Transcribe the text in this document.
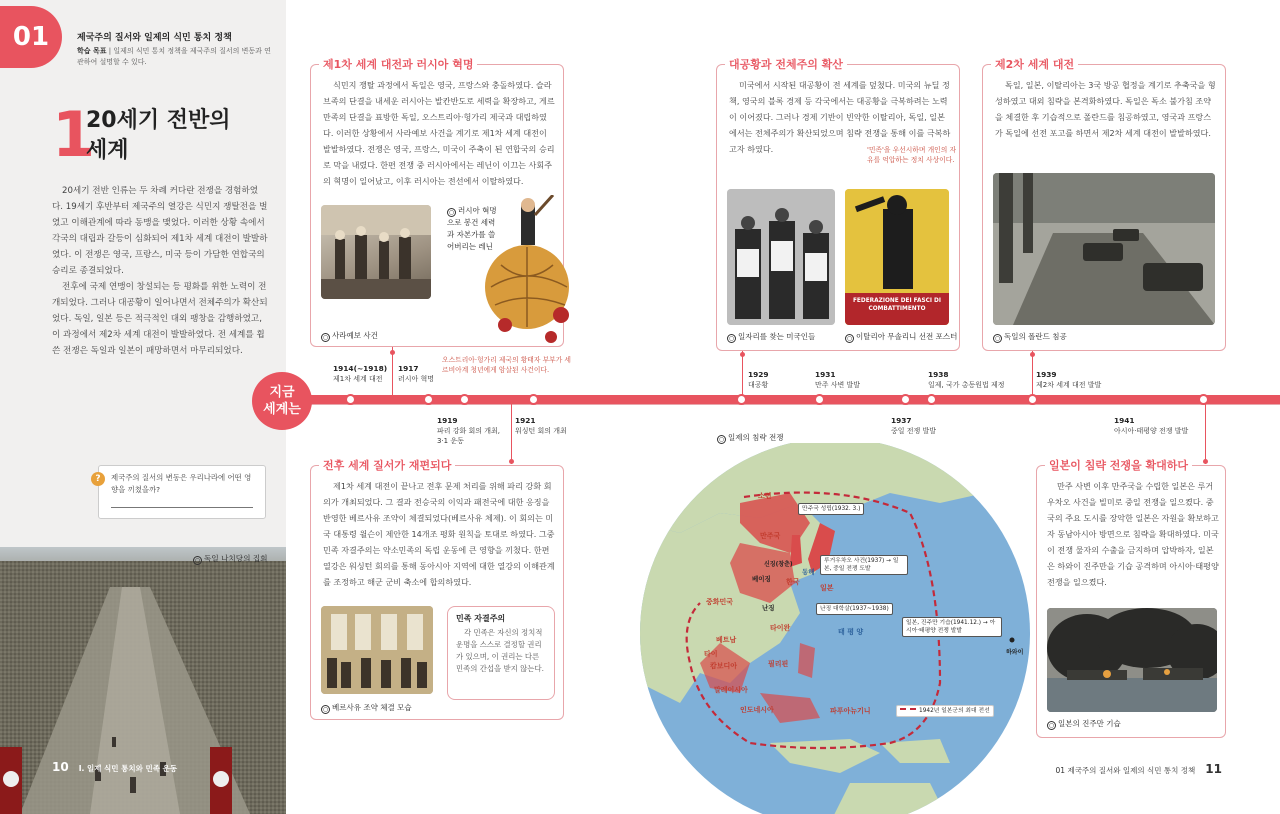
01	제국주의 질서와 일제의 식민 통치 정책
학습 목표 | 일제의 식민 통치 정책을 제국주의 질서의 변동과 연관하여 설명할 수 있다.
1
20세기 전반의
세계

20세기 전반 인류는 두 차례 커다란 전쟁을 경험하였다. 19세기 후반부터 제국주의 열강은 식민지 쟁탈전을 벌였고 이해관계에 따라 동맹을 맺었다. 이러한 상황 속에서 각국의 대립과 갈등이 심화되어 제1차 세계 대전이 발발하였다. 이 전쟁은 영국, 프랑스, 미국 등이 가담한 연합국의 승리로 종결되었다.

전후에 국제 연맹이 창설되는 등 평화를 위한 노력이 전개되었다. 그러나 대공황이 일어나면서 전체주의가 확산되었다. 독일, 일본 등은 적극적인 대외 팽창을 감행하였고, 이 과정에서 제2차 세계 대전이 발발하였다. 전 세계를 휩쓴 전쟁은 독일과 일본이 패망하면서 마무리되었다.

?	제국주의 질서의 변동은 우리나라에 어떤 영향을 끼쳤을까?
○ 독일 나치당의 집회
10 Ⅰ. 일제 식민 통치와 민족 운동
제1차 세계 대전과 러시아 혁명
식민지 쟁탈 과정에서 독일은 영국, 프랑스와 충돌하였다. 슬라브족의 단결을 내세운 러시아는 발칸반도로 세력을 확장하고, 게르만족의 단결을 표방한 독일, 오스트리아·헝가리 제국과 대립하였다. 이러한 상황에서 사라예보 사건을 계기로 제1차 세계 대전이 발발하였다. 전쟁은 영국, 프랑스, 미국이 주축이 된 연합국의 승리로 막을 내렸다. 한편 전쟁 중 러시아에서는 레닌이 이끄는 사회주의 혁명이 일어났고, 이후 러시아는 전선에서 이탈하였다.
○ 사라예보 사건
○ 러시아 혁명으로 봉건 세력과 자본가를 쓸어버리는 레닌
오스트리아·헝가리 제국의 황태자 부부가 세르비아계 청년에게 암살된 사건이다.
대공황과 전체주의 확산
미국에서 시작된 대공황이 전 세계를 덮쳤다. 미국의 뉴딜 정책, 영국의 블록 경제 등 각국에서는 대공황을 극복하려는 노력이 이어졌다. 그러나 경제 기반이 빈약한 이탈리아, 독일, 일본에서는 전체주의가 확산되었으며 침략 전쟁을 통해 이를 극복하고자 하였다.	'민족'을 우선시하며 개인의 자유를 억압하는 정치 사상이다.
FEDERAZIONE DEI FASCI DI COMBATTIMENTO
○ 일자리를 찾는 미국인들	○ 이탈리아 무솔리니 선전 포스터
제2차 세계 대전
독일, 일본, 이탈리아는 3국 방공 협정을 계기로 추축국을 형성하였고 대외 침략을 본격화하였다. 독일은 독소 불가침 조약을 체결한 후 기습적으로 폴란드를 침공하였고, 영국과 프랑스가 독일에 선전 포고를 하면서 제2차 세계 대전이 발발하였다.
○ 독일의 폴란드 침공
지금
세계는
1914(~1918)
제1차 세계 대전
1917
러시아 혁명	1929
대공황
1931
만주 사변 발발
1938
일제, 국가 총동원법 제정
1939
제2차 세계 대전 발발
1919
파리 강화 회의 개최, 3·1 운동
1921
워싱턴 회의 개최
1937
중일 전쟁 발발
1941
아시아·태평양 전쟁 발발
전후 세계 질서가 재편되다
제1차 세계 대전이 끝나고 전후 문제 처리를 위해 파리 강화 회의가 개최되었다. 그 결과 전승국의 이익과 패전국에 대한 응징을 반영한 베르사유 조약이 체결되었다(베르사유 체제). 이 회의는 미국 대통령 윌슨이 제안한 14개조 평화 원칙을 토대로 하였다. 그중 민족 자결주의는 약소민족의 독립 운동에 큰 영향을 끼쳤다. 한편 열강은 워싱턴 회의를 통해 동아시아 지역에 대한 열강의 이해관계를 조정하고 해군 군비 축소에 합의하였다.
○ 베르사유 조약 체결 모습
민족 자결주의
각 민족은 자신의 정치적 운명을 스스로 결정할 권리가 있으며, 이 권리는 다른 민족의 간섭을 받지 않는다.
○ 일제의 침략 전쟁
소련
만주국
신징(창춘)
베이징 한국
일본
동해
중화민국
난징
타이완
베트남
타이
캄보디아	필리핀
말레이시아
인도네시아	파푸아뉴기니
태 평 양
하와이
만주국 성립(1932. 3.)
루거우차오 사건(1937) → 일본, 중일 전쟁 도발
난징 대학살(1937~1938)
일본, 진주만 기습(1941.12.) → 아시아·태평양 전쟁 발발
1942년 일본군의 최대 전선
일본이 침략 전쟁을 확대하다
만주 사변 이후 만주국을 수립한 일본은 루거우차오 사건을 빌미로 중일 전쟁을 일으켰다. 중국의 주요 도시를 장악한 일본은 자원을 확보하고자 동남아시아 방면으로 침략을 확대하였다. 미국이 전쟁 물자의 수출을 금지하며 압박하자, 일본은 하와이 진주만을 기습 공격하며 아시아·태평양 전쟁을 일으켰다.
○ 일본의 진주만 기습
01 제국주의 질서와 일제의 식민 통치 정책 11
